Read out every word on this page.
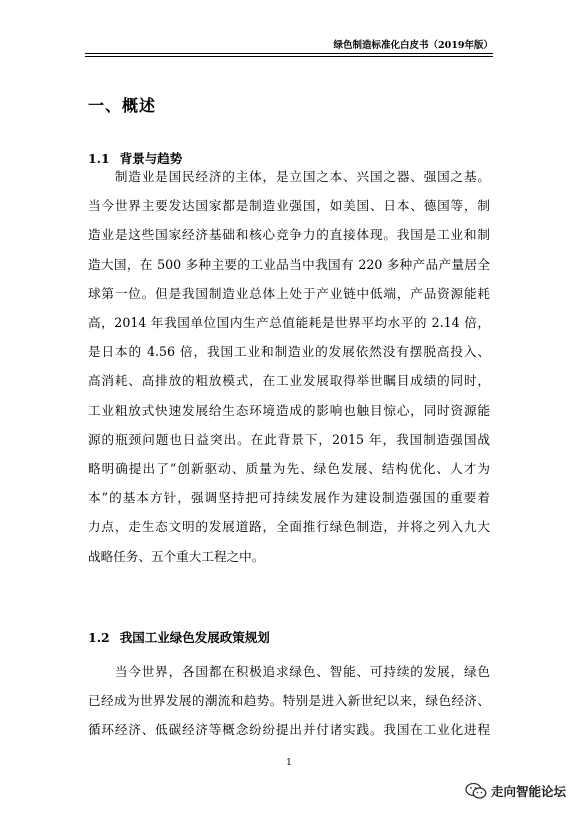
绿色制造标准化白皮书（2019年版）
一、概述
1.1 背景与趋势
　　制造业是国民经济的主体，是立国之本、兴国之器、强国之基。
当今世界主要发达国家都是制造业强国，如美国、日本、德国等，制
造业是这些国家经济基础和核心竞争力的直接体现。我国是工业和制
造大国，在 500 多种主要的工业品当中我国有 220 多种产品产量居全
球第一位。但是我国制造业总体上处于产业链中低端，产品资源能耗
高，2014 年我国单位国内生产总值能耗是世界平均水平的 2.14 倍，
是日本的 4.56 倍，我国工业和制造业的发展依然没有摆脱高投入、
高消耗、高排放的粗放模式，在工业发展取得举世瞩目成绩的同时，
工业粗放式快速发展给生态环境造成的影响也触目惊心，同时资源能
源的瓶颈问题也日益突出。在此背景下，2015 年，我国制造强国战
略明确提出了“创新驱动、质量为先、绿色发展、结构优化、人才为
本”的基本方针，强调坚持把可持续发展作为建设制造强国的重要着
力点，走生态文明的发展道路，全面推行绿色制造，并将之列入九大
战略任务、五个重大工程之中。
1.2 我国工业绿色发展政策规划
　　当今世界，各国都在积极追求绿色、智能、可持续的发展，绿色
已经成为世界发展的潮流和趋势。特别是进入新世纪以来，绿色经济、
循环经济、低碳经济等概念纷纷提出并付诸实践。我国在工业化进程
1
走向智能论坛
